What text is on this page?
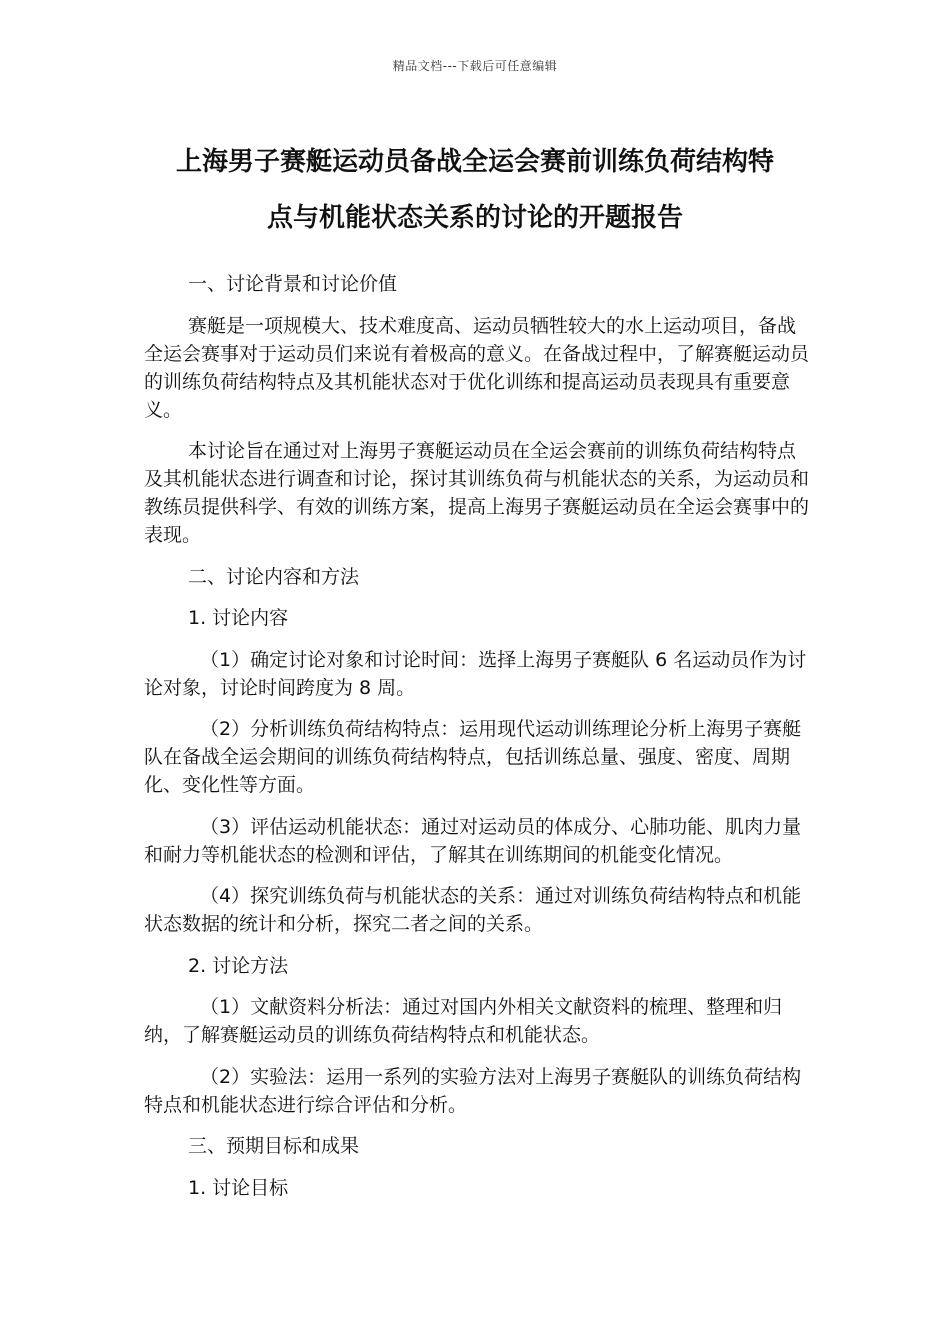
精品文档---下载后可任意编辑
上海男子赛艇运动员备战全运会赛前训练负荷结构特
点与机能状态关系的讨论的开题报告

一、讨论背景和讨论价值

赛艇是一项规模大、技术难度高、运动员牺牲较大的水上运动项目，备战全运会赛事对于运动员们来说有着极高的意义。在备战过程中，了解赛艇运动员的训练负荷结构特点及其机能状态对于优化训练和提高运动员表现具有重要意义。

本讨论旨在通过对上海男子赛艇运动员在全运会赛前的训练负荷结构特点及其机能状态进行调查和讨论，探讨其训练负荷与机能状态的关系，为运动员和教练员提供科学、有效的训练方案，提高上海男子赛艇运动员在全运会赛事中的表现。

二、讨论内容和方法

1. 讨论内容

（1）确定讨论对象和讨论时间：选择上海男子赛艇队 6 名运动员作为讨论对象，讨论时间跨度为 8 周。

（2）分析训练负荷结构特点：运用现代运动训练理论分析上海男子赛艇队在备战全运会期间的训练负荷结构特点，包括训练总量、强度、密度、周期化、变化性等方面。

（3）评估运动机能状态：通过对运动员的体成分、心肺功能、肌肉力量和耐力等机能状态的检测和评估，了解其在训练期间的机能变化情况。

（4）探究训练负荷与机能状态的关系：通过对训练负荷结构特点和机能状态数据的统计和分析，探究二者之间的关系。

2. 讨论方法

（1）文献资料分析法：通过对国内外相关文献资料的梳理、整理和归纳，了解赛艇运动员的训练负荷结构特点和机能状态。

（2）实验法：运用一系列的实验方法对上海男子赛艇队的训练负荷结构特点和机能状态进行综合评估和分析。

三、预期目标和成果

1. 讨论目标
